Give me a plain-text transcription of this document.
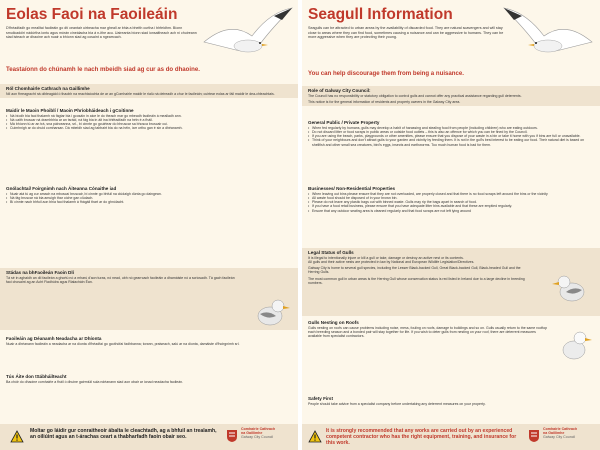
Eolas Faoi na Faoileáin
D'fhéadfadh go mealltaí faoileáin go dtí ceantair uirbeacha mar gheall ar bhia a bheith curtha i bhfeidhm. Bíonn smuilcadóirí nádúrtha iontu agus mórán cineálacha bia á n-ithe acu. Uaireanta bíonn siad ionsaitheach ach ní chuireann siad isteach ar dhaoine ach nuair a bhíonn siad ag cosaint a ngearrcach.
Teastaíonn do chúnamh le nach mbeidh siad ag cur as do dhaoine.
Ról Chomhairle Cathrach na Gaillimhe
Níl aon fhreagracht ná oibleagáid ó thaobh na reachtaíochta de ar an gComhairle maidir le rialú ná deireadh a chur le faoileáin; cuirtear eolas ar fáil maidir le dea-chleachtais.
Maidir le Maoin Phoiblí / Maoin Phríobháideach i gCoitinne
• Ná bíodh bia faoi thalamh ná fágtar bia i gcosáin in aice le do theach mar go mbeadh faoileáin á mealladh ann.
• Ná caith bruscar ná dramhbhia ar an tsráid, ná fág bia in áit ina bhféadfadh na héin é a fháil.
• Má bhíonn tú ar an trá, sna páirceanna, srl., bí cinnte go gcuirtear do bhruscar sa bhosca bruscair cuí.
• Cuimhnigh ar do chuid comharsan. Dá mbeidh siad ag tabhairt bia do na héin, iarr orthu gan é sin a dhéanamh.
Gnólachtaí/ Foirgnimh nach Áiteanna Cónaithe iad
• Nuair atá tú ag cur amach na mboscaí bruscair, bí cinnte go bhfuil na clúdaigh dúnta go daingean.
• Ná fág bruscar ná bia amuigh thar oíche gan clúdach.
• Bí cinnte nach bhfuil aon bhia faoi thalamh á fhágáil thart ar do ghnólacht.
Stádas na bhFaoileán Faoin Dlí
Tá sé in aghaidh an dlí faoileán a ghortú nó a mharú d'aon turas, nó nead, ubh nó gearrcach faoileáin a dhamáiste nó a scriosadh. Tá gach faoileán faoi chosaint ag an Acht Fiadhúlra agus Rialacháin Éan.
Faoileáin ag Déanamh Neadacha ar Dhíonta
Nuair a dhéanann faoileáin a neadacha ar na díonta d'fhéadfaí go gcothófaí fadhbanna; torann, praiseach, salú ar na díonta, damáiste d'fhoirgnimh srl.
Tús Áite don tSábháilteacht
Ba chóir do dhaoine comhairle a fháil ó dhuine gairmiúil sula ndéanann siad aon obair ar ionad neadacha faoileán.
Moltar go láidir gur conraitheoir ábalta le cleachtadh, ag a bhfuil an trealamh, an oiliúint agus an t-árachas ceart a thabharfadh faoin obair seo.
Comhairle Cathrach
na Gaillimhe
Galway City Council
Seagull Information
Seagulls can be attracted to urban areas by the availability of discarded food. They are natural scavengers and will stay close to areas where they can find food, sometimes causing a nuisance and can be aggressive to humans. They can be more aggressive when they are protecting their young.
You can help discourage them from being a nuisance.
Role of Galway City Council:
The Council has no responsibility or statutory obligation to control gulls and cannot offer any practical assistance regarding gull deterrents.
This notice is for the general information of residents and property owners in the Galway City area.
General Public / Private Property
• When fed regularly by humans, gulls may develop a habit of harassing and stealing food from people (including children) who are eating outdoors.
• Do not discard litter or food scraps in public areas or outside food outlets – this is also an offence for which you can be fined by the Council.
• If you are using the beach, parks, playgrounds or other amenities, please ensure that you dispose of your waste in a bin or take it home with you if bins are full or unavailable.
• Think of your neighbours and don't attract gulls to your garden and vicinity by feeding them. It is not in the gull's best interest to be eating our food. Their natural diet is based on shellfish and other small sea creatures, bird's eggs, insects and earthworms. Too much human food is bad for them.
Businesses/ Non-Residential Properties
• When leaving out bins please ensure that they are not overloaded, are properly closed and that there is no food scraps left around the bins or the vicinity
• All waste food should be disposed of in your brown bin.
• Please do not leave any plastic bags out with binned waste. Gulls may rip the bags apart in search of food.
• If you have a food retail business, please ensure that you have adequate litter bins available and that these are emptied regularly.
• Ensure that any outdoor seating area is cleaned regularly and that food scraps are not left lying around
Legal Status of Gulls
It is illegal to intentionally injure or kill a gull or take, damage or destroy an active nest or its contents.
All gulls and their active nests are protected in law by National and European Wildlife Legislation/Directives.
Galway City is home to several gull species, including the Lesser Black-backed Gull, Great Black-backed Gull, Black-headed Gull and the Herring Gulls.
The most common gull in urban areas is the Herring Gull whose conservation status is red listed in Ireland due to a large decline in breeding numbers.
Gulls Nesting on Roofs
Gulls nesting on roofs can cause problems including noise, mess, fouling on roofs, damage to buildings and so on. Gulls usually return to the same rooftop each breeding season and a bonded pair will stay together for life. If you wish to deter gulls from nesting on your roof, there are deterrent measures available from specialist contractors.
Safety First
People should take advice from a specialist company before undertaking any deterrent measures on your property.
It is strongly recommended that any works are carried out by an experienced competent contractor who has the right equipment, training, and insurance for this work.
Comhairle Cathrach
na Gaillimhe
Galway City Council
